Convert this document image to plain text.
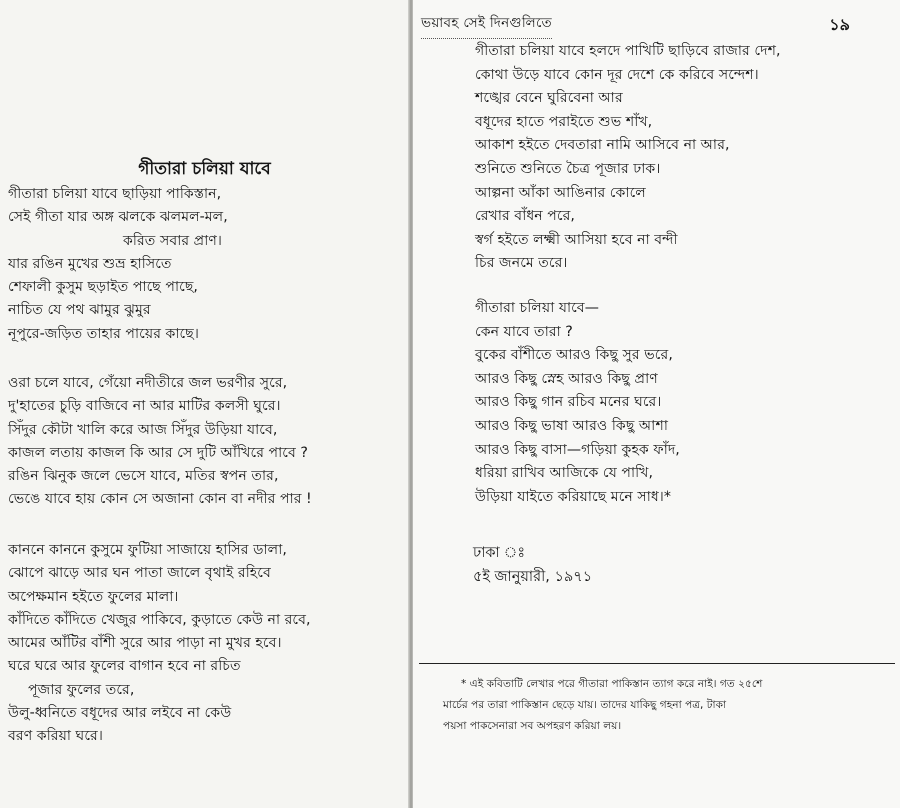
গীতারা চলিয়া যাবে
গীতারা চলিয়া যাবে ছাড়িয়া পাকিস্তান,
সেই গীতা যার অঙ্গ ঝলকে ঝলমল-মল,
করিত সবার প্রাণ।
যার রঙিন মুখের শুভ্র হাসিতে
শেফালী কুসুম ছড়াইত পাছে পাছে,
নাচিত যে পথ ঝামুর ঝুমুর
নূপুরে-জড়িত তাহার পায়ের কাছে।
ওরা চলে যাবে, গেঁয়ো নদীতীরে জল ভরণীর সুরে,
দু'হাতের চুড়ি বাজিবে না আর মাটির কলসী ঘুরে।
সিঁদুর কৌটা খালি করে আজ সিঁদুর উড়িয়া যাবে,
কাজল লতায় কাজল কি আর সে দুটি আঁখিরে পাবে ?
রঙিন ঝিনুক জলে ভেসে যাবে, মতির স্বপন তার,
ভেঙে যাবে হায় কোন সে অজানা কোন বা নদীর পার !
কাননে কাননে কুসুমে ফুটিয়া সাজায়ে হাসির ডালা,
ঝোপে ঝাড়ে আর ঘন পাতা জালে বৃথাই রহিবে
অপেক্ষমান হইতে ফুলের মালা।
কাঁদিতে কাঁদিতে খেজুর পাকিবে, কুড়াতে কেউ না রবে,
আমের আঁটির বাঁশী সুরে আর পাড়া না মুখর হবে।
ঘরে ঘরে আর ফুলের বাগান হবে না রচিত
পূজার ফুলের তরে,
উলু-ধ্বনিতে বধূদের আর লইবে না কেউ
বরণ করিয়া ঘরে।
ভয়াবহ সেই দিনগুলিতে	১৯
গীতারা চলিয়া যাবে হলদে পাখিটি ছাড়িবে রাজার দেশ,
কোথা উড়ে যাবে কোন দূর দেশে কে করিবে সন্দেশ।
শঙ্খের বেনে ঘুরিবেনা আর
বধূদের হাতে পরাইতে শুভ শাঁখ,
আকাশ হইতে দেবতারা নামি আসিবে না আর,
শুনিতে শুনিতে চৈত্র পূজার ঢাক।
আল্পনা আঁকা আঙিনার কোলে
রেখার বাঁধন পরে,
স্বর্গ হইতে লক্ষ্মী আসিয়া হবে না বন্দী
চির জনমে তরে।
গীতারা চলিয়া যাবে—
কেন যাবে তারা ?
বুকের বাঁশীতে আরও কিছু সুর ভরে,
আরও কিছু স্নেহ আরও কিছু প্রাণ
আরও কিছু গান রচিব মনের ঘরে।
আরও কিছু ভাষা আরও কিছু আশা
আরও কিছু বাসা—গড়িয়া কুহক ফাঁদ,
ধরিয়া রাখিব আজিকে যে পাখি,
উড়িয়া যাইতে করিয়াছে মনে সাধ।*
ঢাকা ঃ
৫ই জানুয়ারী, ১৯৭১
* এই কবিতাটি লেখার পরে গীতারা পাকিস্তান ত্যাগ করে নাই। গত ২৫শে
মার্চের পর তারা পাকিস্তান ছেড়ে যায়। তাদের যাকিছু গহনা পত্র, টাকা
পয়সা পাকসেনারা সব অপহরণ করিয়া লয়।
